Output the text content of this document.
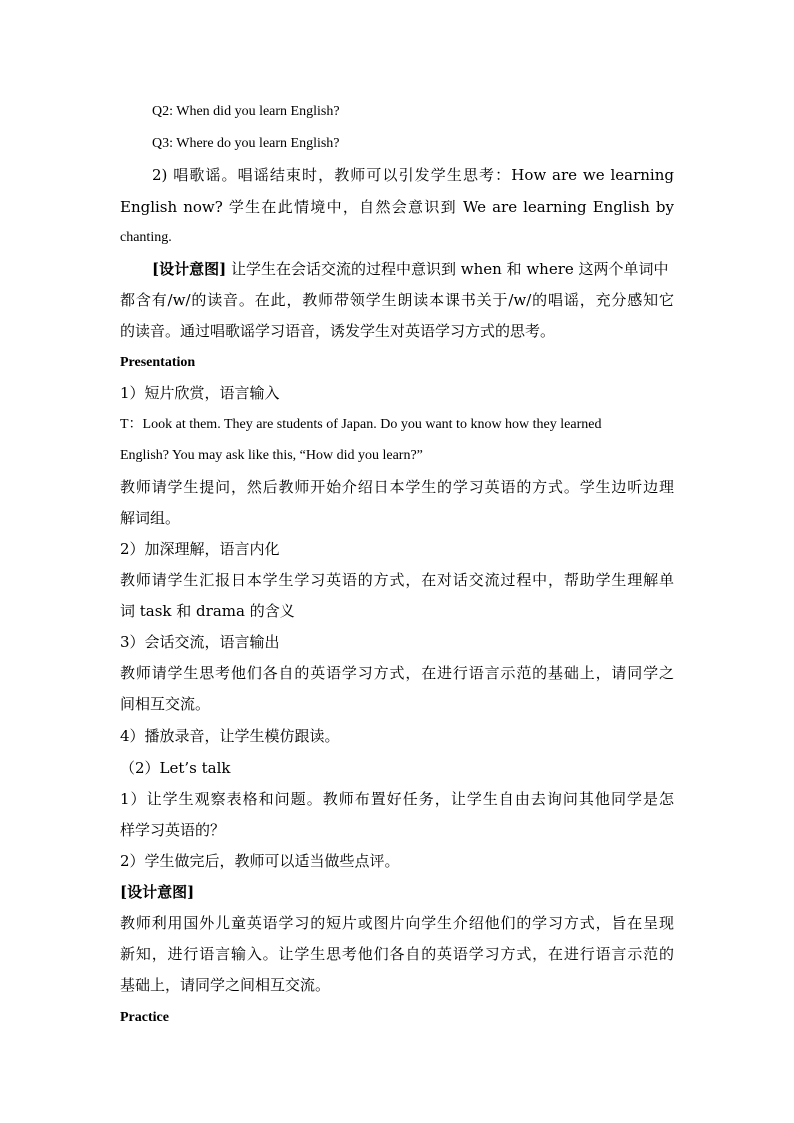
Q2: When did you learn English?
Q3: Where do you learn English?
2) 唱歌谣。唱谣结束时，教师可以引发学生思考：How are we learning
English now? 学生在此情境中，自然会意识到 We are learning English by
chanting.
[设计意图] 让学生在会话交流的过程中意识到 when 和 where 这两个单词中
都含有/w/的读音。在此，教师带领学生朗读本课书关于/w/的唱谣，充分感知它
的读音。通过唱歌谣学习语音，诱发学生对英语学习方式的思考。
Presentation
1）短片欣赏，语言输入
T：Look at them. They are students of Japan. Do you want to know how they learned
English? You may ask like this, “How did you learn?”
教师请学生提问，然后教师开始介绍日本学生的学习英语的方式。学生边听边理
解词组。
2）加深理解，语言内化
教师请学生汇报日本学生学习英语的方式，在对话交流过程中，帮助学生理解单
词 task 和 drama 的含义
3）会话交流，语言输出
教师请学生思考他们各自的英语学习方式，在进行语言示范的基础上，请同学之
间相互交流。
4）播放录音，让学生模仿跟读。
（2）Let’s talk
1）让学生观察表格和问题。教师布置好任务，让学生自由去询问其他同学是怎
样学习英语的？
2）学生做完后，教师可以适当做些点评。
[设计意图]
教师利用国外儿童英语学习的短片或图片向学生介绍他们的学习方式，旨在呈现
新知，进行语言输入。让学生思考他们各自的英语学习方式，在进行语言示范的
基础上，请同学之间相互交流。
Practice
